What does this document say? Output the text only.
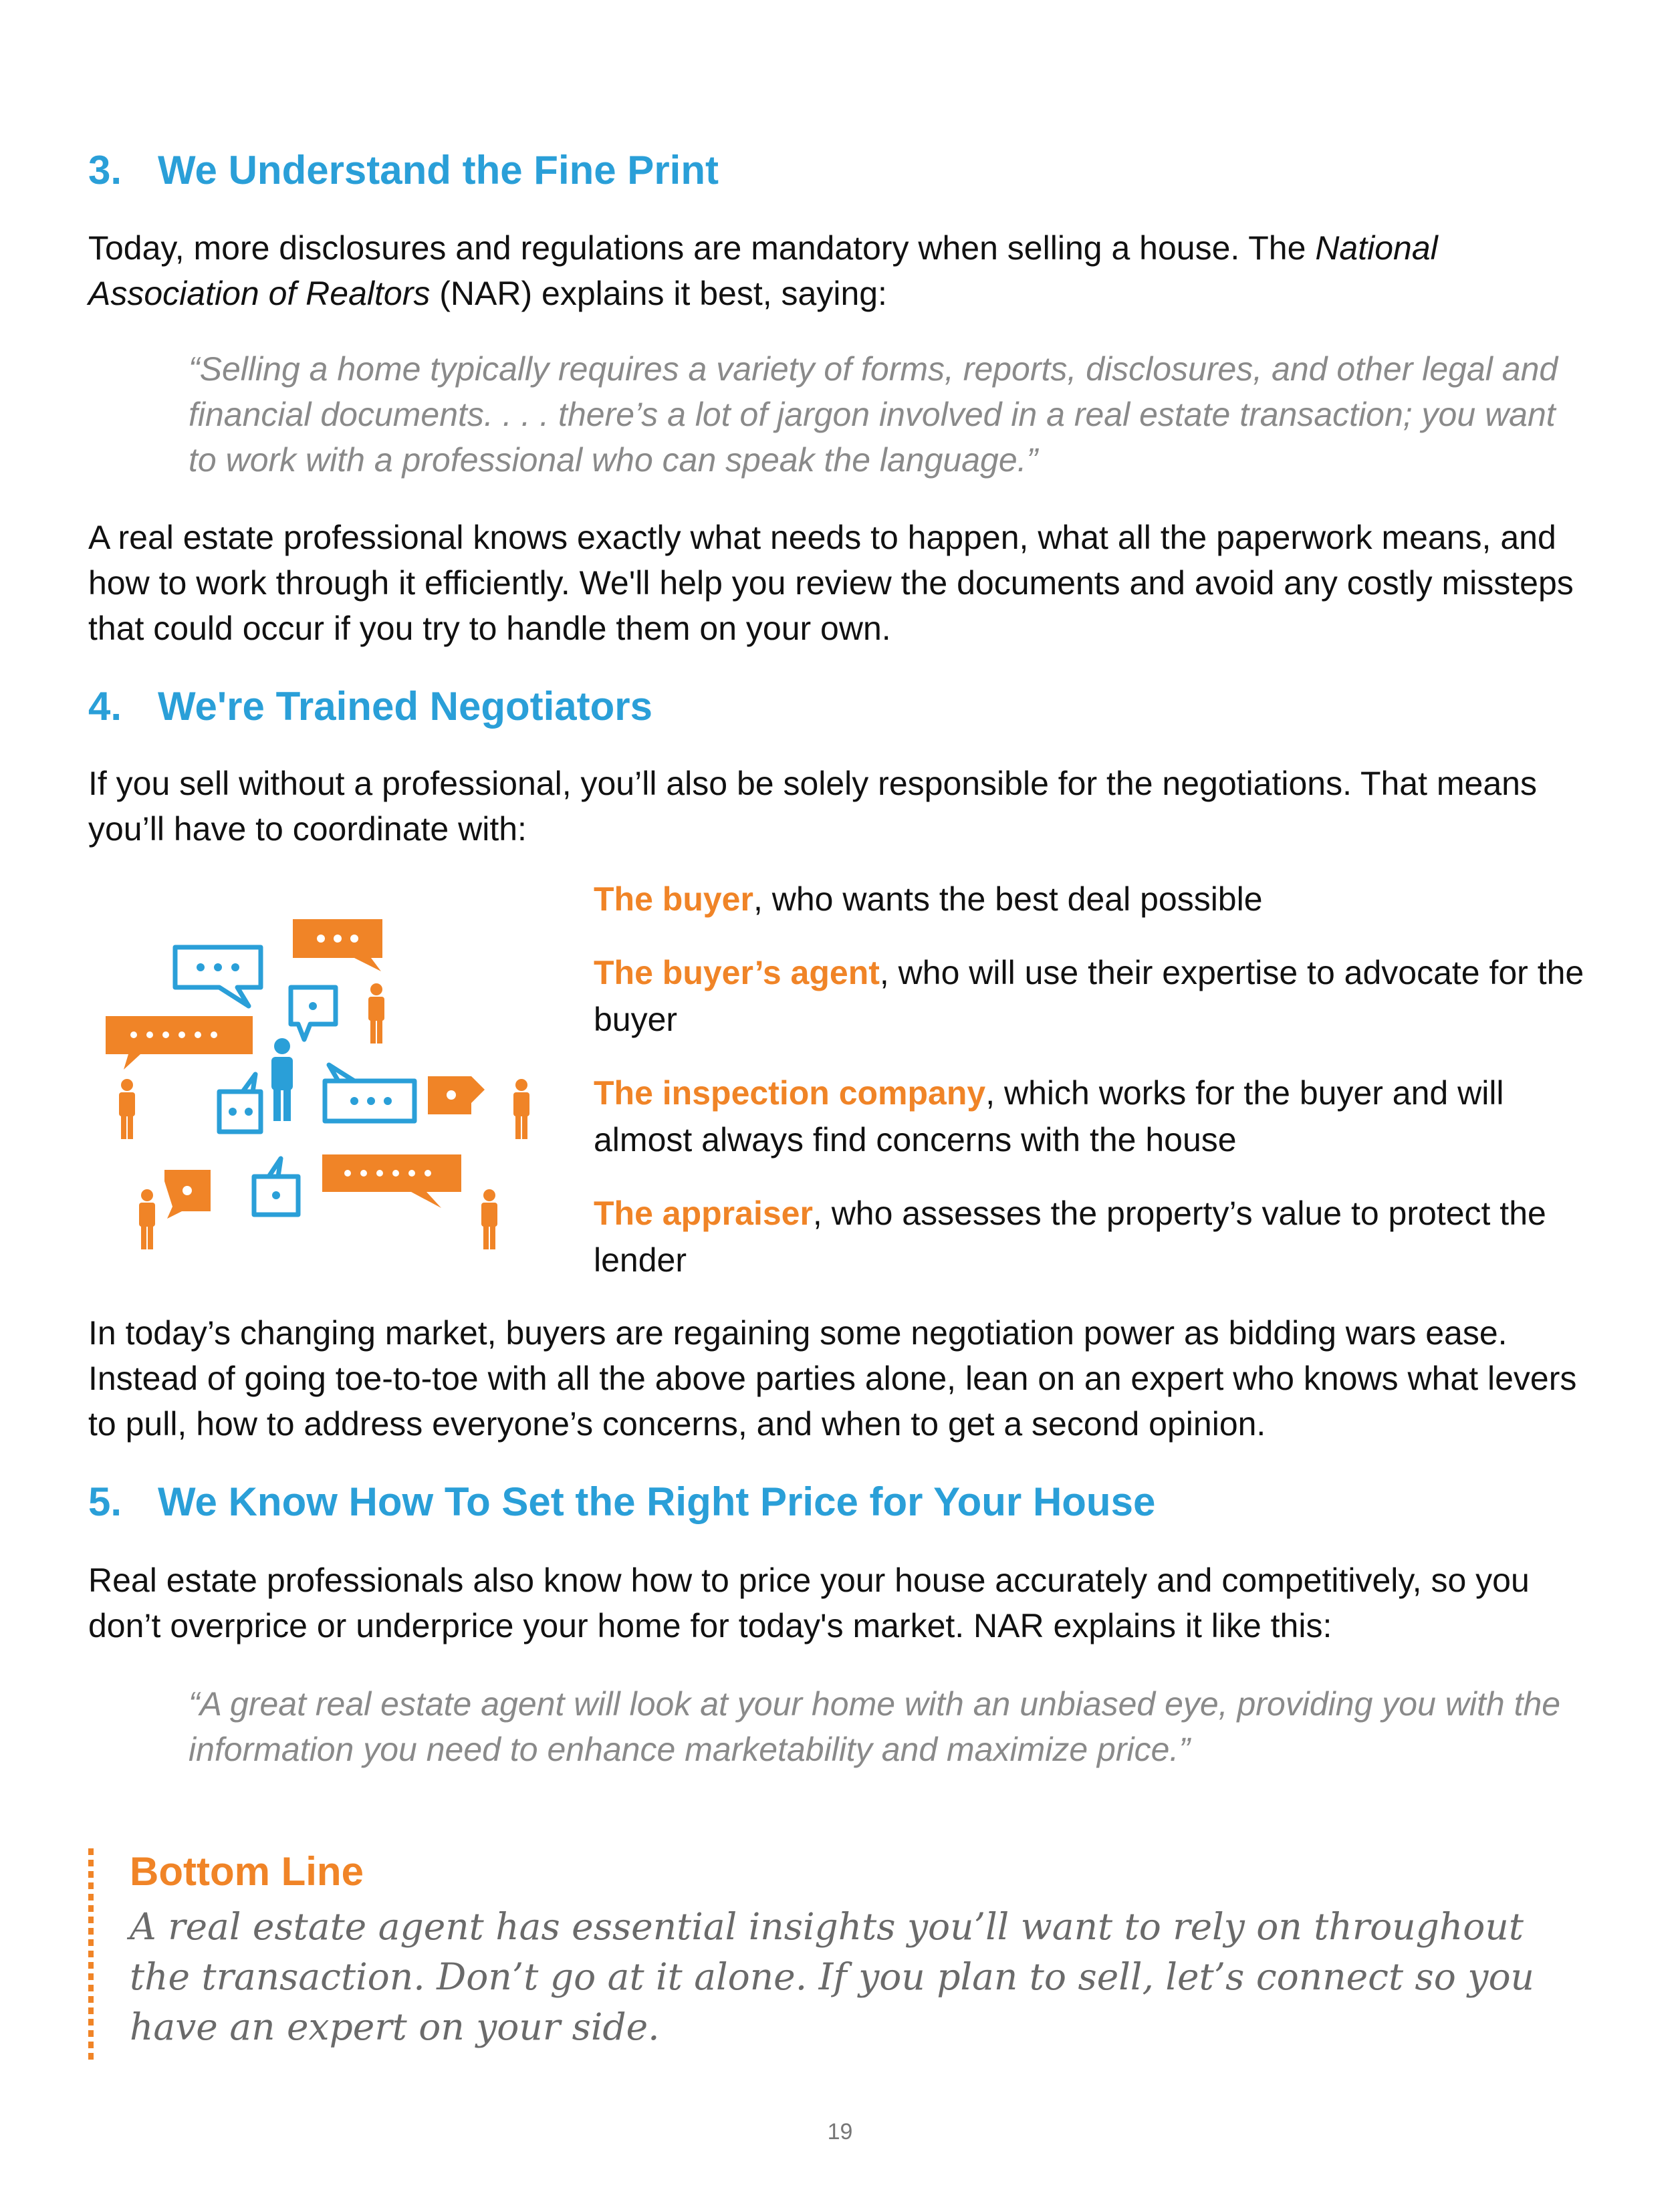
3. We Understand the Fine Print

Today, more disclosures and regulations are mandatory when selling a house. The National Association of Realtors (NAR) explains it best, saying:

“Selling a home typically requires a variety of forms, reports, disclosures, and other legal and financial documents. . . . there’s a lot of jargon involved in a real estate transaction; you want to work with a professional who can speak the language.”

A real estate professional knows exactly what needs to happen, what all the paperwork means, and how to work through it efficiently. We'll help you review the documents and avoid any costly missteps that could occur if you try to handle them on your own.

4. We're Trained Negotiators

If you sell without a professional, you’ll also be solely responsible for the negotiations. That means you’ll have to coordinate with:

The buyer, who wants the best deal possible

The buyer’s agent, who will use their expertise to advocate for the buyer

The inspection company, which works for the buyer and will almost always find concerns with the house

The appraiser, who assesses the property’s value to protect the lender

In today’s changing market, buyers are regaining some negotiation power as bidding wars ease. Instead of going toe-to-toe with all the above parties alone, lean on an expert who knows what levers to pull, how to address everyone’s concerns, and when to get a second opinion.

5. We Know How To Set the Right Price for Your House

Real estate professionals also know how to price your house accurately and competitively, so you don’t overprice or underprice your home for today's market. NAR explains it like this:

“A great real estate agent will look at your home with an unbiased eye, providing you with the information you need to enhance marketability and maximize price.”

Bottom Line

A real estate agent has essential insights you’ll want to rely on throughout the transaction. Don’t go at it alone. If you plan to sell, let’s connect so you have an expert on your side.

19
